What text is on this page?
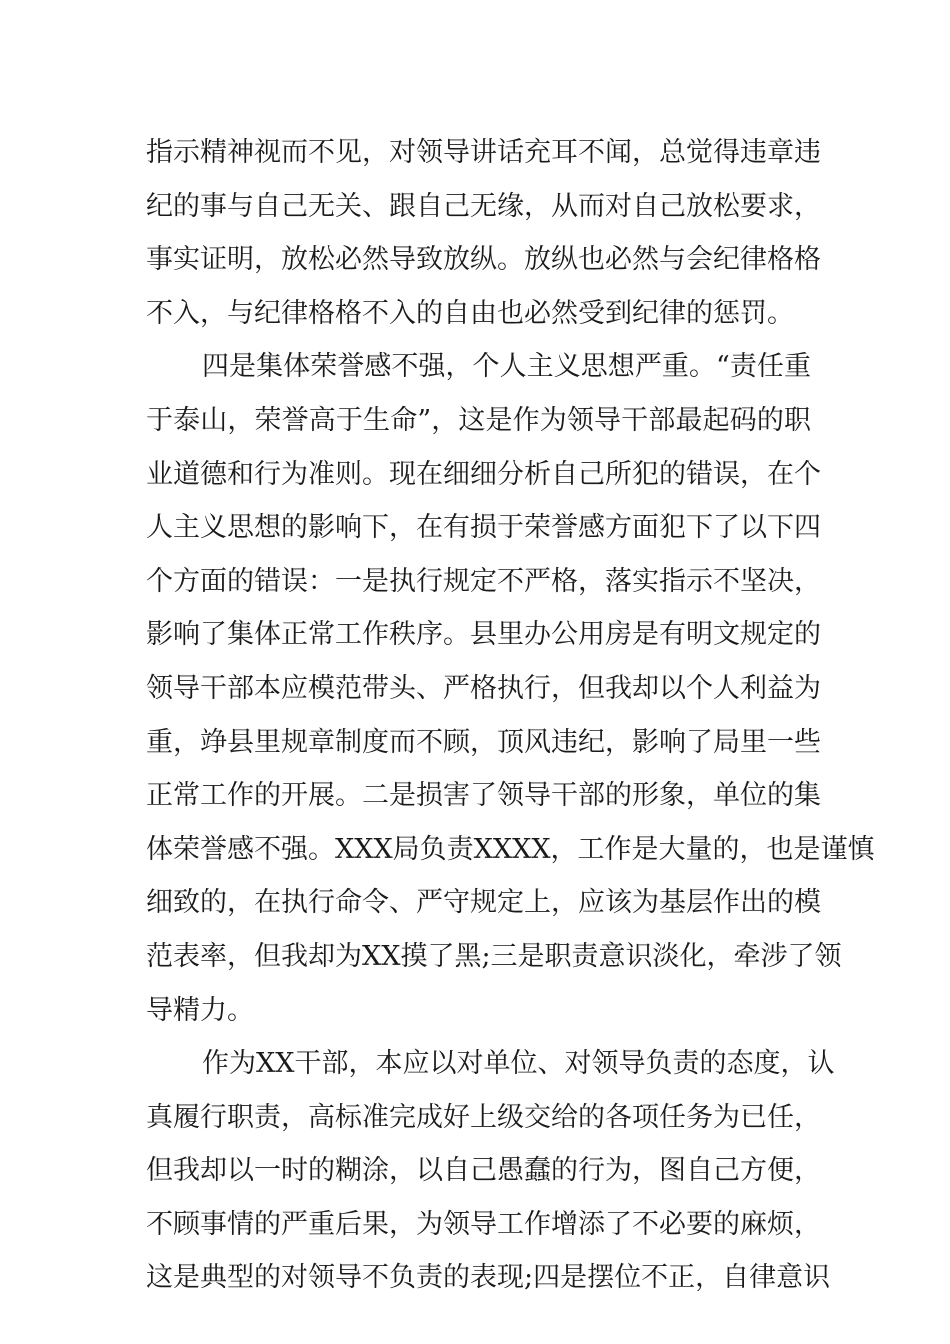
指示精神视而不见，对领导讲话充耳不闻，总觉得违章违
纪的事与自己无关、跟自己无缘，从而对自己放松要求，
事实证明，放松必然导致放纵。放纵也必然与会纪律格格
不入，与纪律格格不入的自由也必然受到纪律的惩罚。
四是集体荣誉感不强，个人主义思想严重。“责任重
于泰山，荣誉高于生命”，这是作为领导干部最起码的职
业道德和行为准则。现在细细分析自己所犯的错误，在个
人主义思想的影响下，在有损于荣誉感方面犯下了以下四
个方面的错误：一是执行规定不严格，落实指示不坚决，
影响了集体正常工作秩序。县里办公用房是有明文规定的
领导干部本应模范带头、严格执行，但我却以个人利益为
重，竫县里规章制度而不顾，顶风违纪，影响了局里一些
正常工作的开展。二是损害了领导干部的形象，单位的集
体荣誉感不强。XXX局负责XXXX，工作是大量的，也是谨慎
细致的，在执行命令、严守规定上，应该为基层作出的模
范表率，但我却为XX摸了黑;三是职责意识淡化，牵涉了领
导精力。
作为XX干部，本应以对单位、对领导负责的态度，认
真履行职责，高标准完成好上级交给的各项任务为已任，
但我却以一时的糊涂，以自己愚蠢的行为，图自己方便，
不顾事情的严重后果，为领导工作增添了不必要的麻烦，
这是典型的对领导不负责的表现;四是摆位不正，自律意识
